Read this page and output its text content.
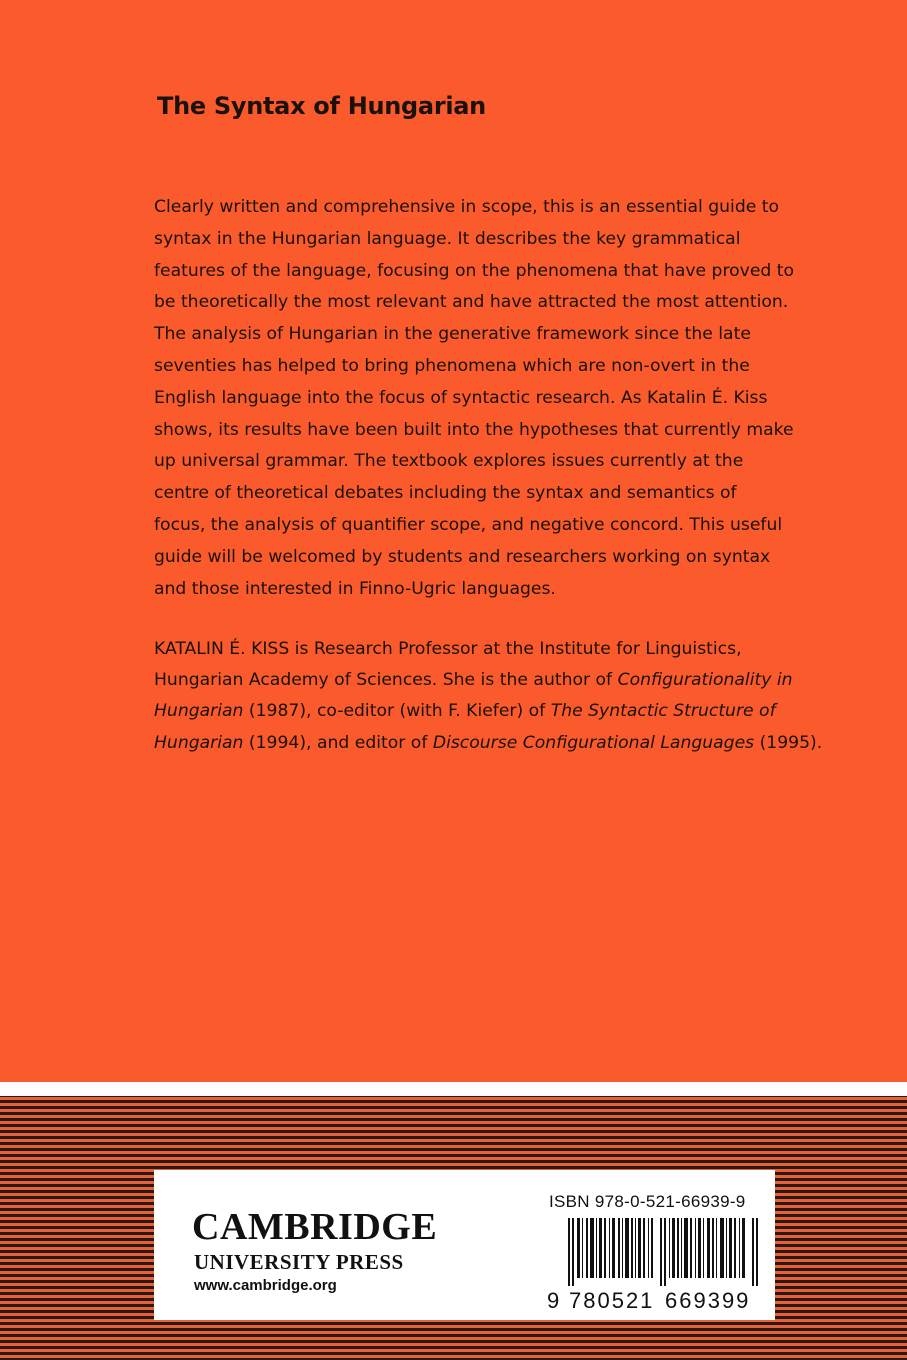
The Syntax of Hungarian
Clearly written and comprehensive in scope, this is an essential guide to
syntax in the Hungarian language. It describes the key grammatical
features of the language, focusing on the phenomena that have proved to
be theoretically the most relevant and have attracted the most attention.
The analysis of Hungarian in the generative framework since the late
seventies has helped to bring phenomena which are non-overt in the
English language into the focus of syntactic research. As Katalin É. Kiss
shows, its results have been built into the hypotheses that currently make
up universal grammar. The textbook explores issues currently at the
centre of theoretical debates including the syntax and semantics of
focus, the analysis of quantifier scope, and negative concord. This useful
guide will be welcomed by students and researchers working on syntax
and those interested in Finno-Ugric languages.
KATALIN É. KISS is Research Professor at the Institute for Linguistics,
Hungarian Academy of Sciences. She is the author of Configurationality in
Hungarian (1987), co-editor (with F. Kiefer) of The Syntactic Structure of
Hungarian (1994), and editor of Discourse Configurational Languages (1995).
CAMBRIDGE
UNIVERSITY PRESS
www.cambridge.org
ISBN 978-0-521-66939-9
9 780521 669399
